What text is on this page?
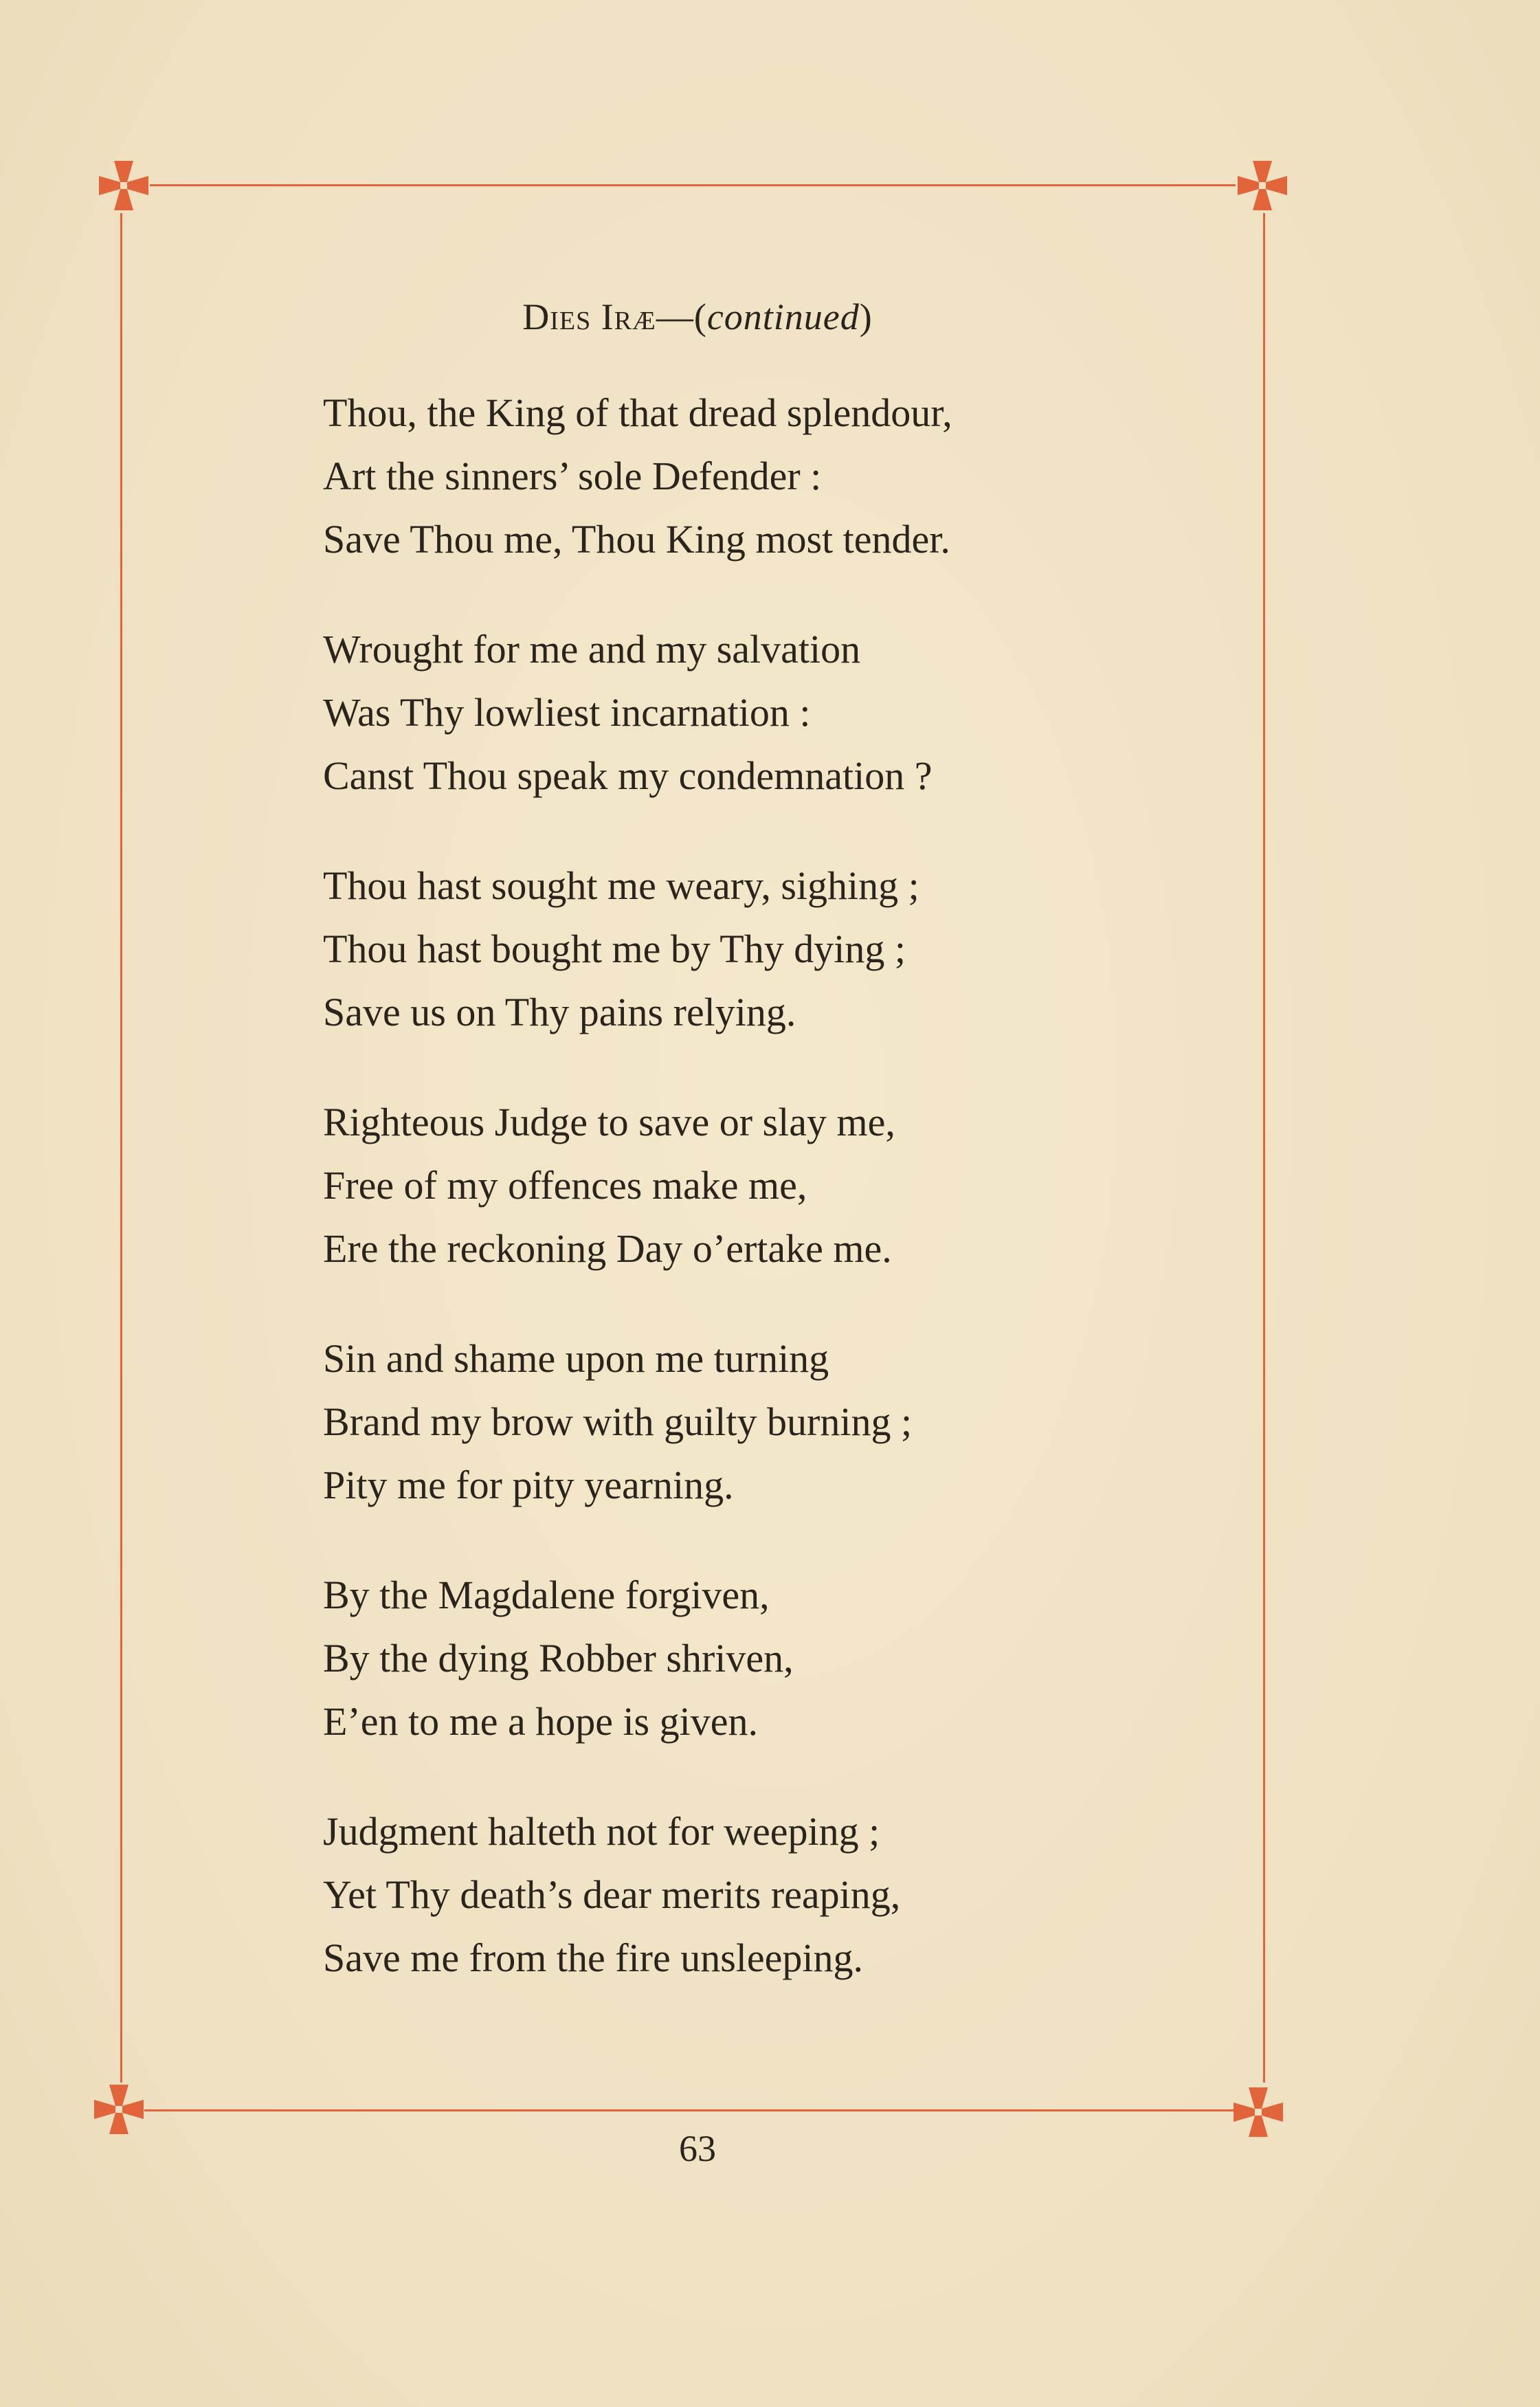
Dies Iræ—(continued)
Thou, the King of that dread splendour,
Art the sinners’ sole Defender :
Save Thou me, Thou King most tender.
Wrought for me and my salvation
Was Thy lowliest incarnation :
Canst Thou speak my condemnation ?
Thou hast sought me weary, sighing ;
Thou hast bought me by Thy dying ;
Save us on Thy pains relying.
Righteous Judge to save or slay me,
Free of my offences make me,
Ere the reckoning Day o’ertake me.
Sin and shame upon me turning
Brand my brow with guilty burning ;
Pity me for pity yearning.
By the Magdalene forgiven,
By the dying Robber shriven,
E’en to me a hope is given.
Judgment halteth not for weeping ;
Yet Thy death’s dear merits reaping,
Save me from the fire unsleeping.
63
